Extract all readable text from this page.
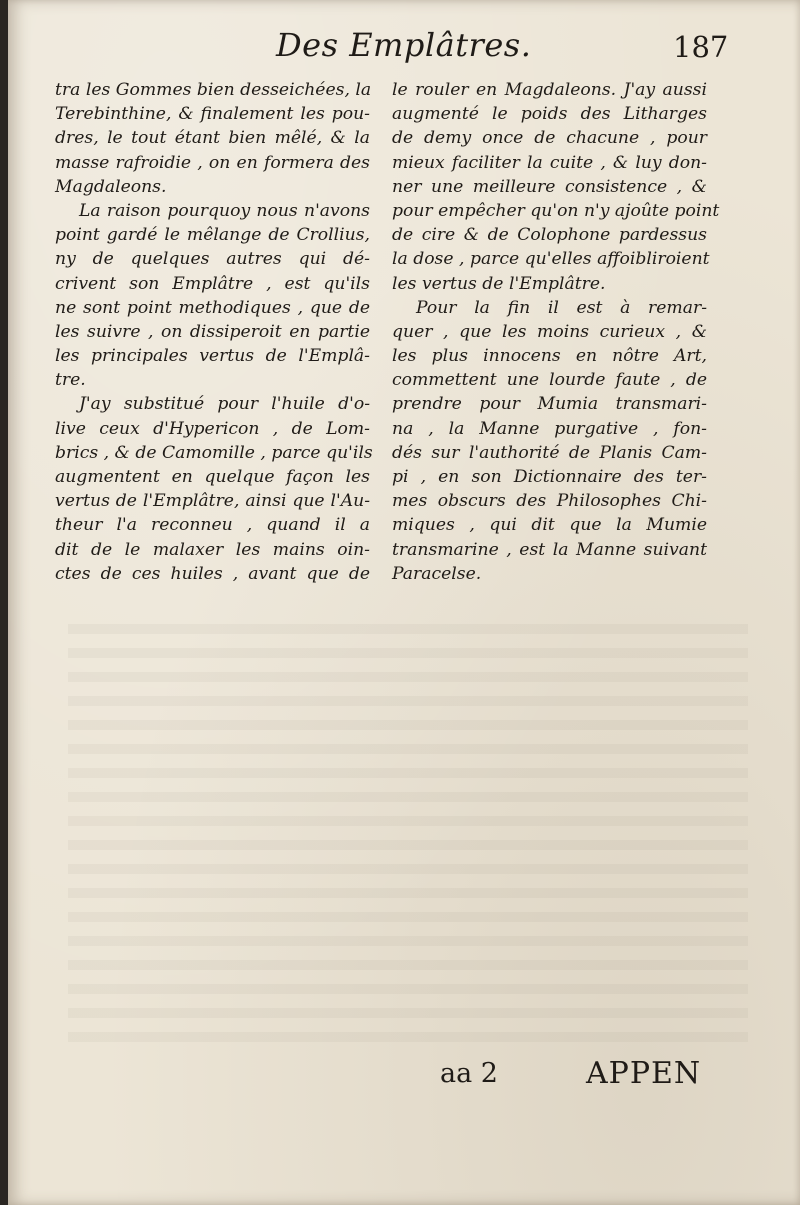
Des Emplâtres.	187
tra les Gommes bien desseichées, la
Terebinthine, & finalement les pou-
dres, le tout étant bien mêlé, & la
masse rafroidie , on en formera des
Magdaleons.
La raison pourquoy nous n'avons
point gardé le mêlange de Crollius,
ny de quelques autres qui dé-
crivent son Emplâtre , est qu'ils
ne sont point methodiques , que de
les suivre , on dissiperoit en partie
les principales vertus de l'Emplâ-
tre.
J'ay substitué pour l'huile d'o-
live ceux d'Hypericon , de Lom-
brics , & de Camomille , parce qu'ils
augmentent en quelque façon les
vertus de l'Emplâtre, ainsi que l'Au-
theur l'a reconneu , quand il a
dit de le malaxer les mains oin-
ctes de ces huiles , avant que de
le rouler en Magdaleons. J'ay aussi
augmenté le poids des Litharges
de demy once de chacune , pour
mieux faciliter la cuite , & luy don-
ner une meilleure consistence , &
pour empêcher qu'on n'y ajoûte point
de cire & de Colophone pardessus
la dose , parce qu'elles affoibliroient
les vertus de l'Emplâtre.
Pour la fin il est à remar-
quer , que les moins curieux , &
les plus innocens en nôtre Art,
commettent une lourde faute , de
prendre pour Mumia transmari-
na , la Manne purgative , fon-
dés sur l'authorité de Planis Cam-
pi , en son Dictionnaire des ter-
mes obscurs des Philosophes Chi-
miques , qui dit que la Mumie
transmarine , est la Manne suivant
Paracelse.
aa 2	APPEN
